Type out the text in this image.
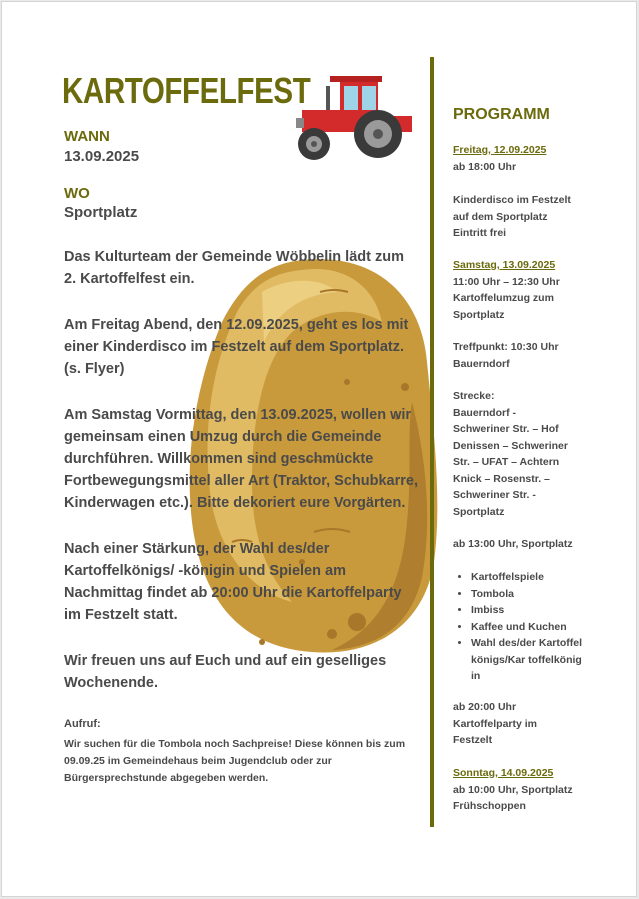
KARTOFFELFEST
WANN
13.09.2025
WO
Sportplatz

Das Kulturteam der Gemeinde Wöbbelin lädt zum 2. Kartoffelfest ein.

Am Freitag Abend, den 12.09.2025, geht es los mit einer Kinderdisco im Festzelt auf dem Sportplatz. (s. Flyer)

Am Samstag Vormittag, den 13.09.2025, wollen wir gemeinsam einen Umzug durch die Gemeinde durchführen. Willkommen sind geschmückte Fortbewegungsmittel aller Art (Traktor, Schubkarre, Kinderwagen etc.). Bitte dekoriert eure Vorgärten.

Nach einer Stärkung, der Wahl des/der Kartoffelkönigs/ -königin und Spielen am Nachmittag findet ab 20:00 Uhr die Kartoffelparty im Festzelt statt.

Wir freuen uns auf Euch und auf ein geselliges Wochenende.

Aufruf:
Wir suchen für die Tombola noch Sachpreise! Diese können bis zum 09.09.25 im Gemeindehaus beim Jugendclub oder zur Bürgersprechstunde abgegeben werden.
PROGRAMM
Freitag, 12.09.2025
ab 18:00 Uhr
Kinderdisco im Festzelt
auf dem Sportplatz
Eintritt frei
Samstag, 13.09.2025
11:00 Uhr – 12:30 Uhr
Kartoffelumzug zum
Sportplatz
Treffpunkt: 10:30 Uhr
Bauerndorf
Strecke:
Bauerndorf -
Schweriner Str. – Hof
Denissen – Schweriner
Str. – UFAT – Achtern
Knick – Rosenstr. –
Schweriner Str. -
Sportplatz
ab 13:00 Uhr, Sportplatz
• Kartoffelspiele
• Tombola
• Imbiss
• Kaffee und Kuchen
• Wahl des/der Kartoffelkönigs/Kar toffelkönigin
ab 20:00 Uhr
Kartoffelparty im
Festzelt
Sonntag, 14.09.2025
ab 10:00 Uhr, Sportplatz
Frühschoppen
